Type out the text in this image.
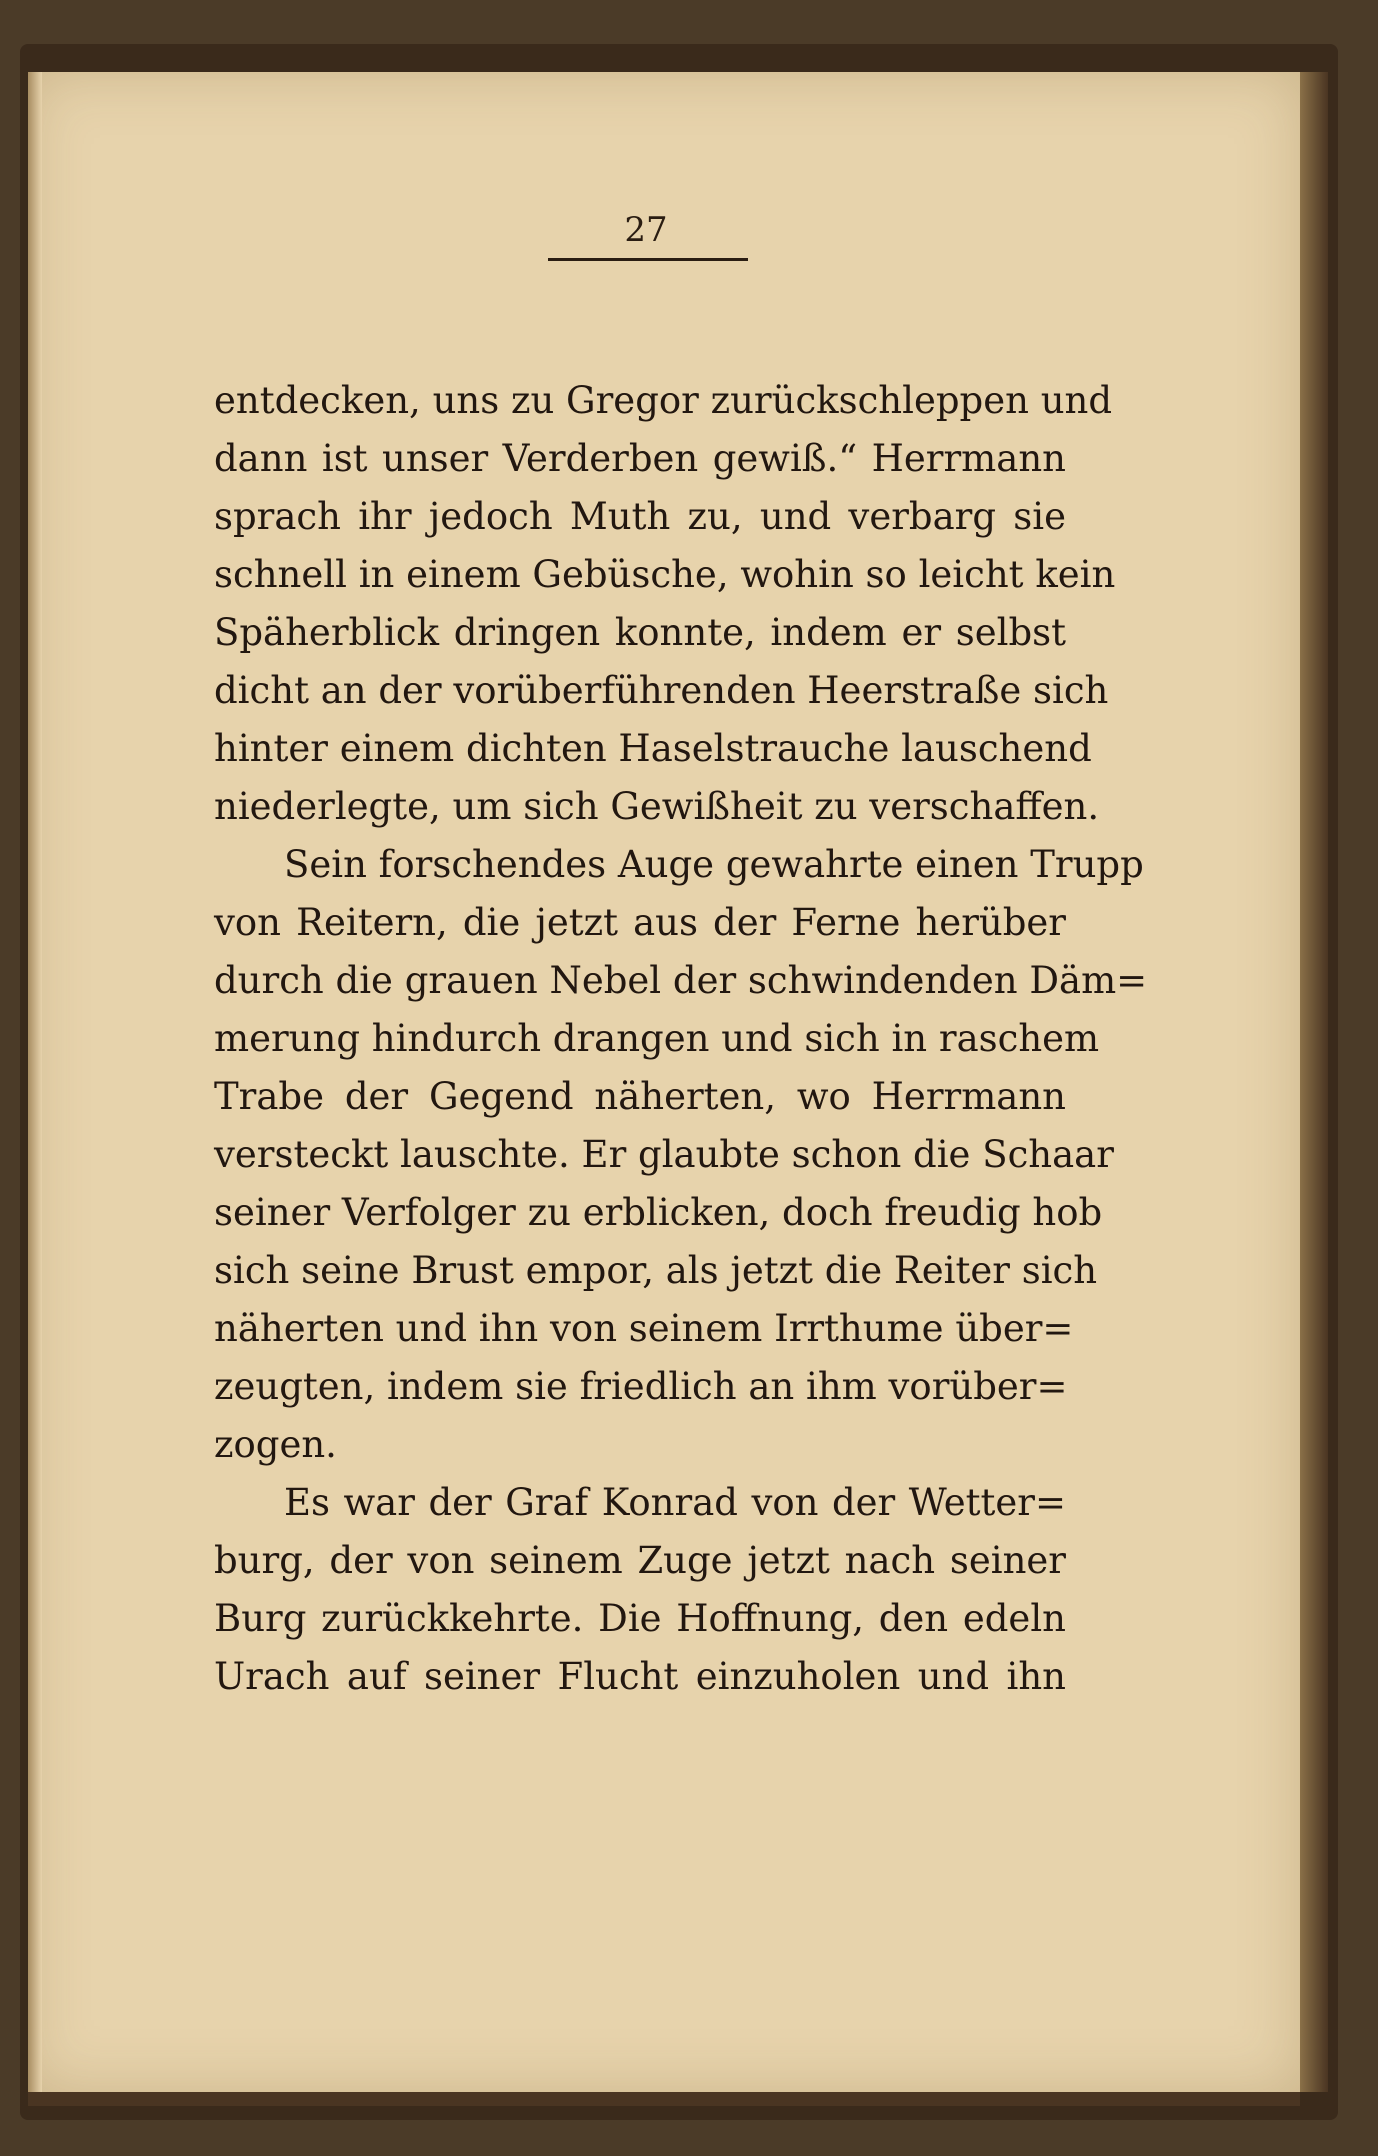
27
entdecken, uns zu Gregor zurückschleppen und
dann ist unser Verderben gewiß.“ Herrmann
sprach ihr jedoch Muth zu, und verbarg sie
schnell in einem Gebüsche, wohin so leicht kein
Späherblick dringen konnte, indem er selbst
dicht an der vorüberführenden Heerstraße sich
hinter einem dichten Haselstrauche lauschend
niederlegte, um sich Gewißheit zu verschaffen.
Sein forschendes Auge gewahrte einen Trupp
von Reitern, die jetzt aus der Ferne herüber
durch die grauen Nebel der schwindenden Däm=
merung hindurch drangen und sich in raschem
Trabe der Gegend näherten, wo Herrmann
versteckt lauschte. Er glaubte schon die Schaar
seiner Verfolger zu erblicken, doch freudig hob
sich seine Brust empor, als jetzt die Reiter sich
näherten und ihn von seinem Irrthume über=
zeugten, indem sie friedlich an ihm vorüber=
zogen.
Es war der Graf Konrad von der Wetter=
burg, der von seinem Zuge jetzt nach seiner
Burg zurückkehrte. Die Hoffnung, den edeln
Urach auf seiner Flucht einzuholen und ihn
